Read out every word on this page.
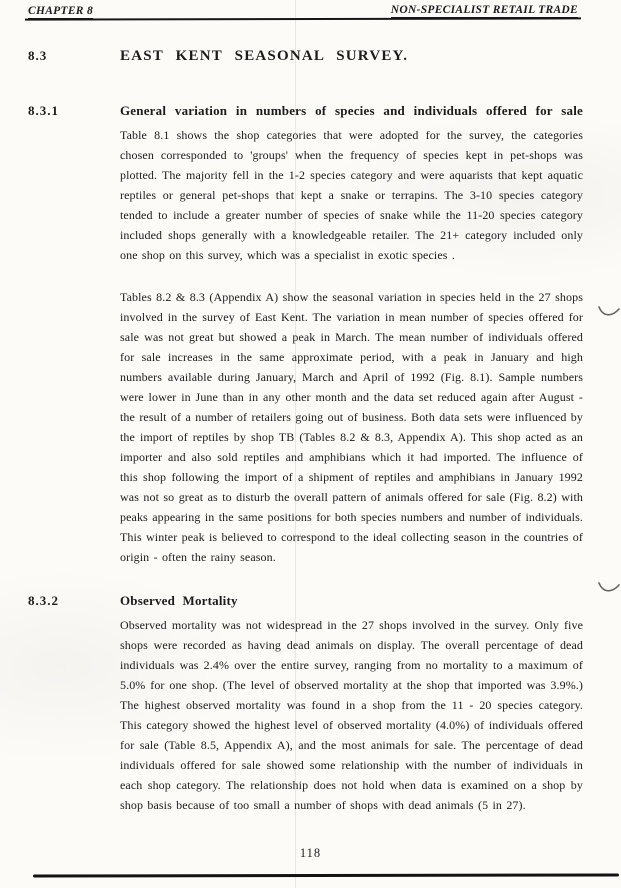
CHAPTER 8	NON-SPECIALIST RETAIL TRADE
8.3	EAST KENT SEASONAL SURVEY.
8.3.1	General variation in numbers of species and individuals offered for sale

Table 8.1 shows the shop categories that were adopted for the survey, the categories chosen corresponded to 'groups' when the frequency of species kept in pet-shops was plotted. The majority fell in the 1-2 species category and were aquarists that kept aquatic reptiles or general pet-shops that kept a snake or terrapins. The 3-10 species category tended to include a greater number of species of snake while the 11-20 species category included shops generally with a knowledgeable retailer. The 21+ category included only one shop on this survey, which was a specialist in exotic species .

Tables 8.2 & 8.3 (Appendix A) show the seasonal variation in species held in the 27 shops involved in the survey of East Kent. The variation in mean number of species offered for sale was not great but showed a peak in March. The mean number of individuals offered for sale increases in the same approximate period, with a peak in January and high numbers available during January, March and April of 1992 (Fig. 8.1). Sample numbers were lower in June than in any other month and the data set reduced again after August - the result of a number of retailers going out of business. Both data sets were influenced by the import of reptiles by shop TB (Tables 8.2 & 8.3, Appendix A). This shop acted as an importer and also sold reptiles and amphibians which it had imported. The influence of this shop following the import of a shipment of reptiles and amphibians in January 1992 was not so great as to disturb the overall pattern of animals offered for sale (Fig. 8.2) with peaks appearing in the same positions for both species numbers and number of individuals. This winter peak is believed to correspond to the ideal collecting season in the countries of origin - often the rainy season.

8.3.2	Observed Mortality

Observed mortality was not widespread in the 27 shops involved in the survey. Only five shops were recorded as having dead animals on display. The overall percentage of dead individuals was 2.4% over the entire survey, ranging from no mortality to a maximum of 5.0% for one shop. (The level of observed mortality at the shop that imported was 3.9%.) The highest observed mortality was found in a shop from the 11 - 20 species category. This category showed the highest level of observed mortality (4.0%) of individuals offered for sale (Table 8.5, Appendix A), and the most animals for sale. The percentage of dead individuals offered for sale showed some relationship with the number of individuals in each shop category. The relationship does not hold when data is examined on a shop by shop basis because of too small a number of shops with dead animals (5 in 27).

118
